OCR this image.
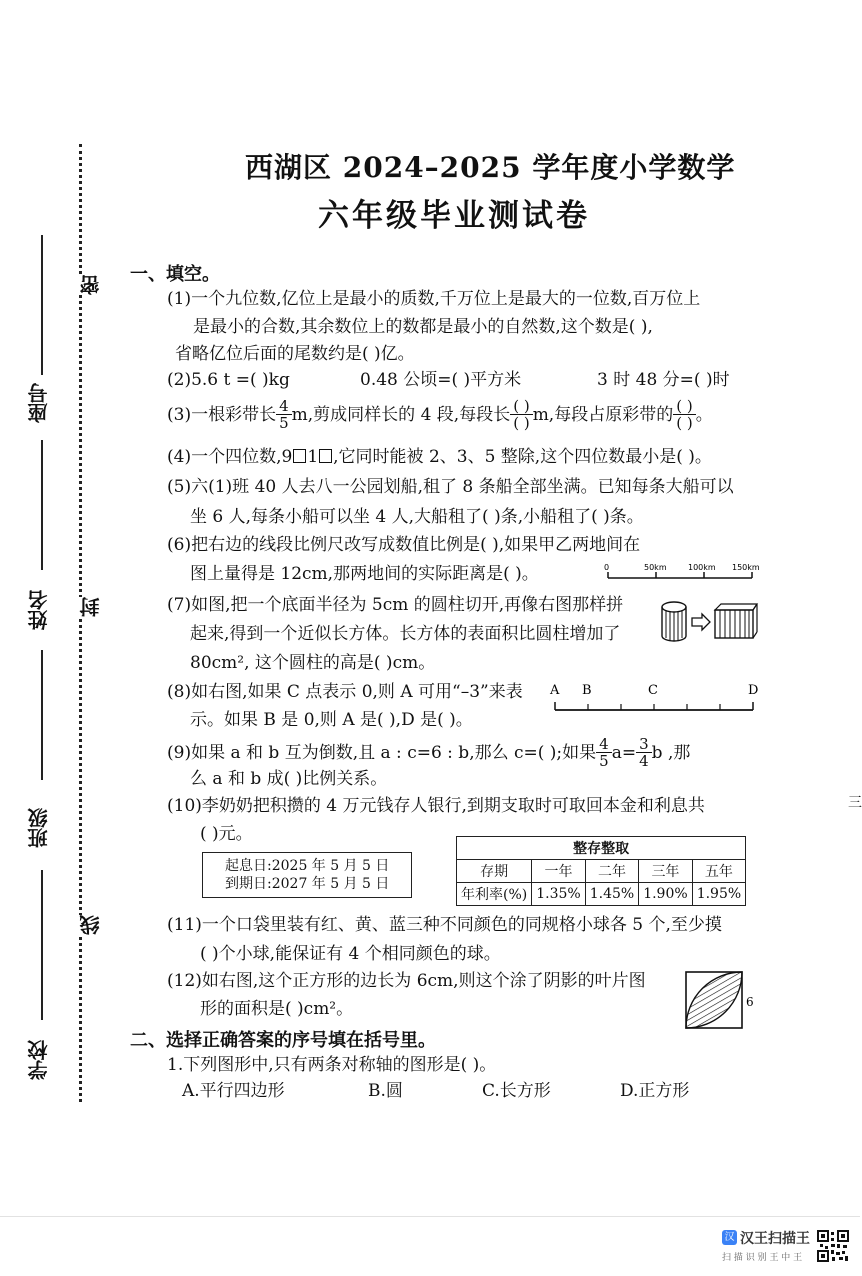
座号
姓名
班级
学校
密
封
线
三
西湖区 2024–2025 学年度小学数学
六年级毕业测试卷
一、填空。
(1)一个九位数,亿位上是最小的质数,千万位上是最大的一位数,百万位上
是最小的合数,其余数位上的数都是最小的自然数,这个数是( ),
省略亿位后面的尾数约是( )亿。
(2)5.6 t =( )kg	0.48 公顷=( )平方米	3 时 48 分=( )时
(3)一根彩带长 $\frac{4}{5} m$,剪成同样长的 4 段,每段长 $\frac{( )}{( )} m$,每段占原彩带的 $\frac{( )}{( )}$ 。
(4)一个四位数,9 1 ,它同时能被 2、3、5 整除,这个四位数最小是( )。
(5)六(1)班 40 人去八一公园划船,租了 8 条船全部坐满。已知每条大船可以
坐 6 人,每条小船可以坐 4 人,大船租了( )条,小船租了( )条。
(6)把右边的线段比例尺改写成数值比例是( ),如果甲乙两地间在
图上量得是 12cm,那两地间的实际距离是( )。	0	50km	100km 150km
(7)如图,把一个底面半径为 5cm 的圆柱切开,再像右图那样拼
起来,得到一个近似长方体。长方体的表面积比圆柱增加了
80cm², 这个圆柱的高是( )cm。
(8)如右图,如果 C 点表示 0,则 A 可用“–3”来表
示。如果 B 是 0,则 A 是( ),D 是( )。
A B	C	D
(9)如果 a 和 b 互为倒数,且 a : c=6 : b,那么 c=( );如果 $\frac{4}{5} a= \frac{3}{4}$ b ,那
么 a 和 b 成( )比例关系。
(10)李奶奶把积攒的 4 万元钱存人银行,到期支取时可取回本金和利息共
( )元。
起息日:2025 年 5 月 5 日
到期日:2027 年 5 月 5 日
整存整取				
存期	一年	二年	三年	五年
年利率(%)	1.35%	1.45%	1.90%	1.95%
(11)一个口袋里装有红、黄、蓝三种不同颜色的同规格小球各 5 个,至少摸
( )个小球,能保证有 4 个相同颜色的球。
(12)如右图,这个正方形的边长为 6cm,则这个涂了阴影的叶片图
形的面积是( )cm²。	6
二、选择正确答案的序号填在括号里。
1.下列图形中,只有两条对称轴的图形是( )。
A.平行四边形	B.圆	C.长方形	D.正方形
汉 汉王扫描王
扫 描 识 别 王 中 王
